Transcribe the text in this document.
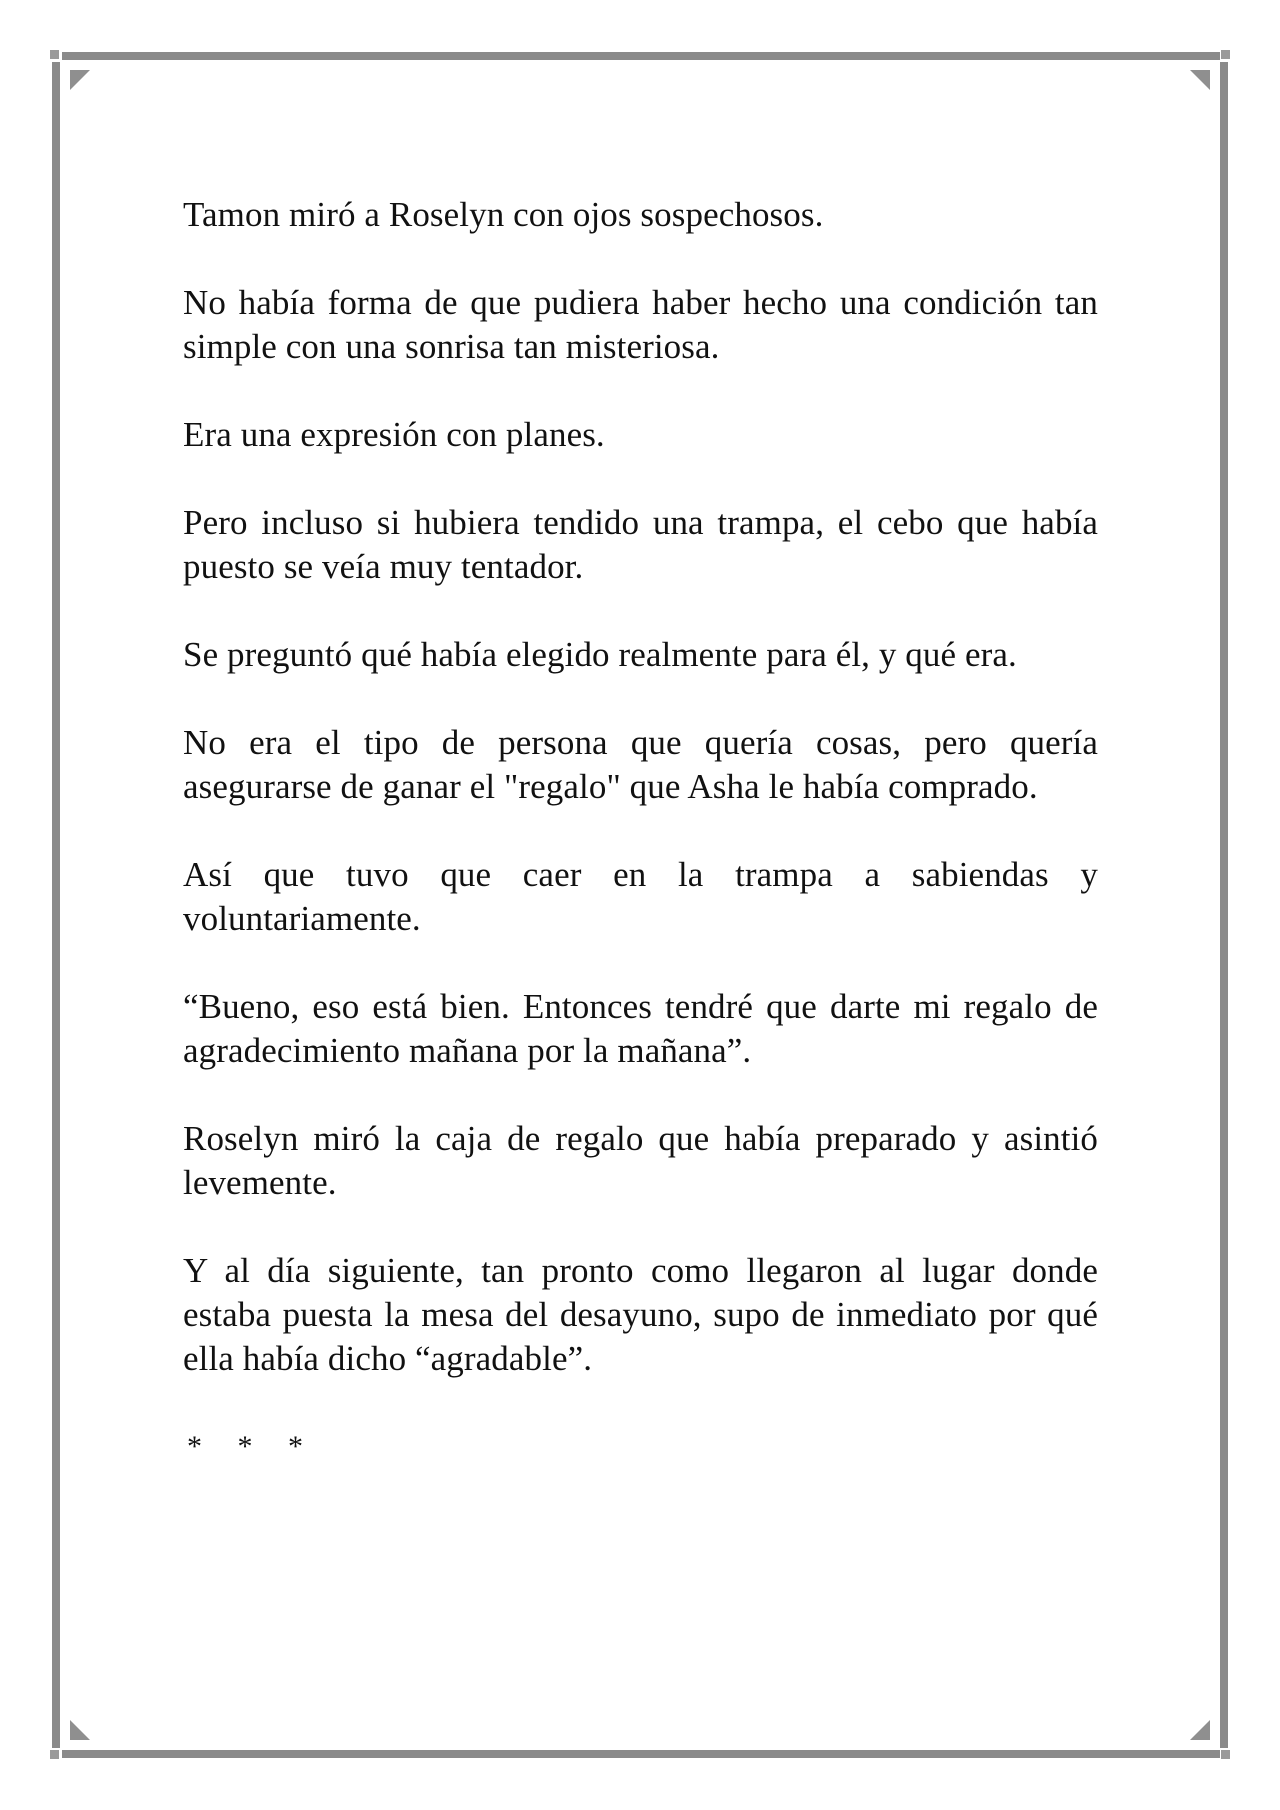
Tamon miró a Roselyn con ojos sospechosos.

No había forma de que pudiera haber hecho una condición tan simple con una sonrisa tan misteriosa.

Era una expresión con planes.

Pero incluso si hubiera tendido una trampa, el cebo que había puesto se veía muy tentador.

Se preguntó qué había elegido realmente para él, y qué era.

No era el tipo de persona que quería cosas, pero quería asegurarse de ganar el "regalo" que Asha le había comprado.

Así que tuvo que caer en la trampa a sabiendas y voluntariamente.

“Bueno, eso está bien. Entonces tendré que darte mi regalo de agradecimiento mañana por la mañana”.

Roselyn miró la caja de regalo que había preparado y asintió levemente.

Y al día siguiente, tan pronto como llegaron al lugar donde estaba puesta la mesa del desayuno, supo de inmediato por qué ella había dicho “agradable”.

* * *
